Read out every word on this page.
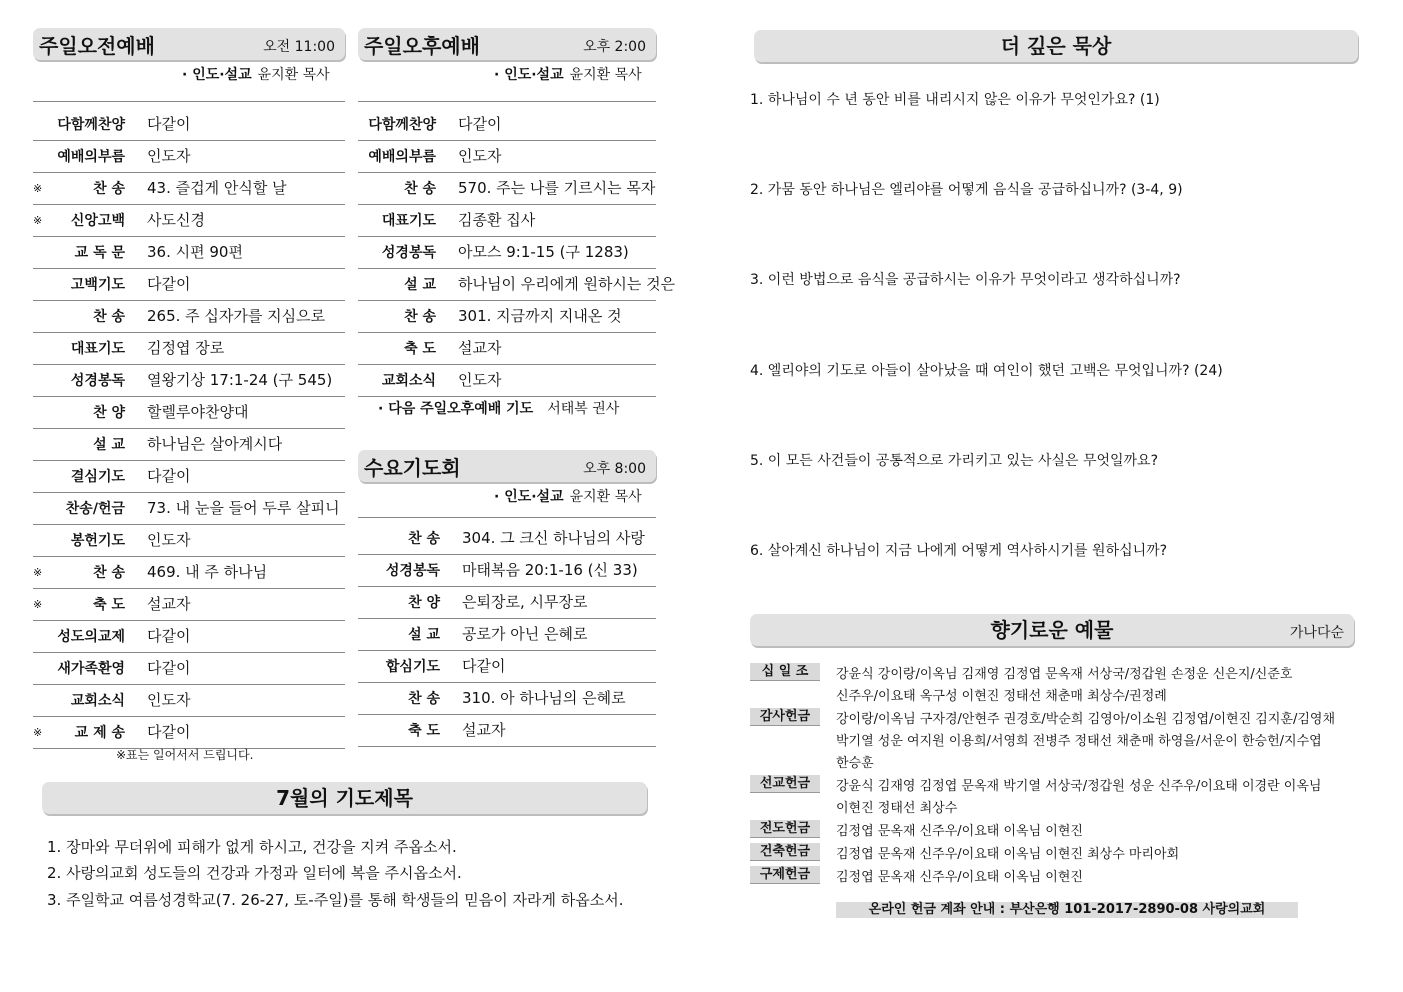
주일오전예배	오전 11:00
· 인도·설교 윤지환 목사
다함께찬양 다같이
예배의부름 인도자
※	찬 송 43. 즐겁게 안식할 날
※	신앙고백 사도신경
교 독 문 36. 시편 90편
고백기도 다같이
찬 송 265. 주 십자가를 지심으로
대표기도 김정엽 장로
성경봉독 열왕기상 17:1-24 (구 545)
찬 양 할렐루야찬양대
설 교 하나님은 살아계시다
결심기도 다같이
찬송/헌금 73. 내 눈을 들어 두루 살피니
봉헌기도 인도자
※	찬 송 469. 내 주 하나님
※	축 도 설교자
성도의교제 다같이
새가족환영 다같이
교회소식 인도자
※	교 제 송 다같이
※표는 일어서서 드립니다.
주일오후예배	오후 2:00
· 인도·설교 윤지환 목사
다함께찬양 다같이
예배의부름 인도자
찬 송 570. 주는 나를 기르시는 목자
대표기도 김종환 집사
성경봉독 아모스 9:1-15 (구 1283)
설 교 하나님이 우리에게 원하시는 것은
찬 송 301. 지금까지 지내온 것
축 도 설교자
교회소식 인도자
· 다음 주일오후예배 기도 서태복 권사
수요기도회	오후 8:00
· 인도·설교 윤지환 목사
찬 송 304. 그 크신 하나님의 사랑
성경봉독 마태복음 20:1-16 (신 33)
찬 양 은퇴장로, 시무장로
설 교 공로가 아닌 은혜로
합심기도 다같이
찬 송 310. 아 하나님의 은혜로
축 도 설교자
7월의 기도제목
1. 장마와 무더위에 피해가 없게 하시고, 건강을 지켜 주옵소서.
2. 사랑의교회 성도들의 건강과 가정과 일터에 복을 주시옵소서.
3. 주일학교 여름성경학교(7. 26-27, 토-주일)를 통해 학생들의 믿음이 자라게 하옵소서.
더 깊은 묵상
1. 하나님이 수 년 동안 비를 내리시지 않은 이유가 무엇인가요? (1)
2. 가뭄 동안 하나님은 엘리야를 어떻게 음식을 공급하십니까? (3-4, 9)
3. 이런 방법으로 음식을 공급하시는 이유가 무엇이라고 생각하십니까?
4. 엘리야의 기도로 아들이 살아났을 때 여인이 했던 고백은 무엇입니까? (24)
5. 이 모든 사건들이 공통적으로 가리키고 있는 사실은 무엇일까요?
6. 살아계신 하나님이 지금 나에게 어떻게 역사하시기를 원하십니까?
향기로운 예물	가나다순
십 일 조	강윤식 강이랑/이옥님 김재영 김정엽 문옥재 서상국/정갑원 손정운 신은지/신준호
신주우/이요태 옥구성 이현진 정태선 채춘매 최상수/권정례
감사헌금	강이랑/이옥님 구자경/안현주 권경호/박순희 김영아/이소원 김정엽/이현진 김지훈/김영채
박기열 성운 여지원 이용희/서영희 전병주 정태선 채춘매 하영을/서운이 한승헌/지수엽
한승훈
선교헌금	강윤식 김재영 김정엽 문옥재 박기열 서상국/정갑원 성운 신주우/이요태 이경란 이옥님
이현진 정태선 최상수
전도헌금	김정엽 문옥재 신주우/이요태 이옥님 이현진
건축헌금	김정엽 문옥재 신주우/이요태 이옥님 이현진 최상수 마리아회
구제헌금	김정엽 문옥재 신주우/이요태 이옥님 이현진
온라인 헌금 계좌 안내 : 부산은행 101-2017-2890-08 사랑의교회
